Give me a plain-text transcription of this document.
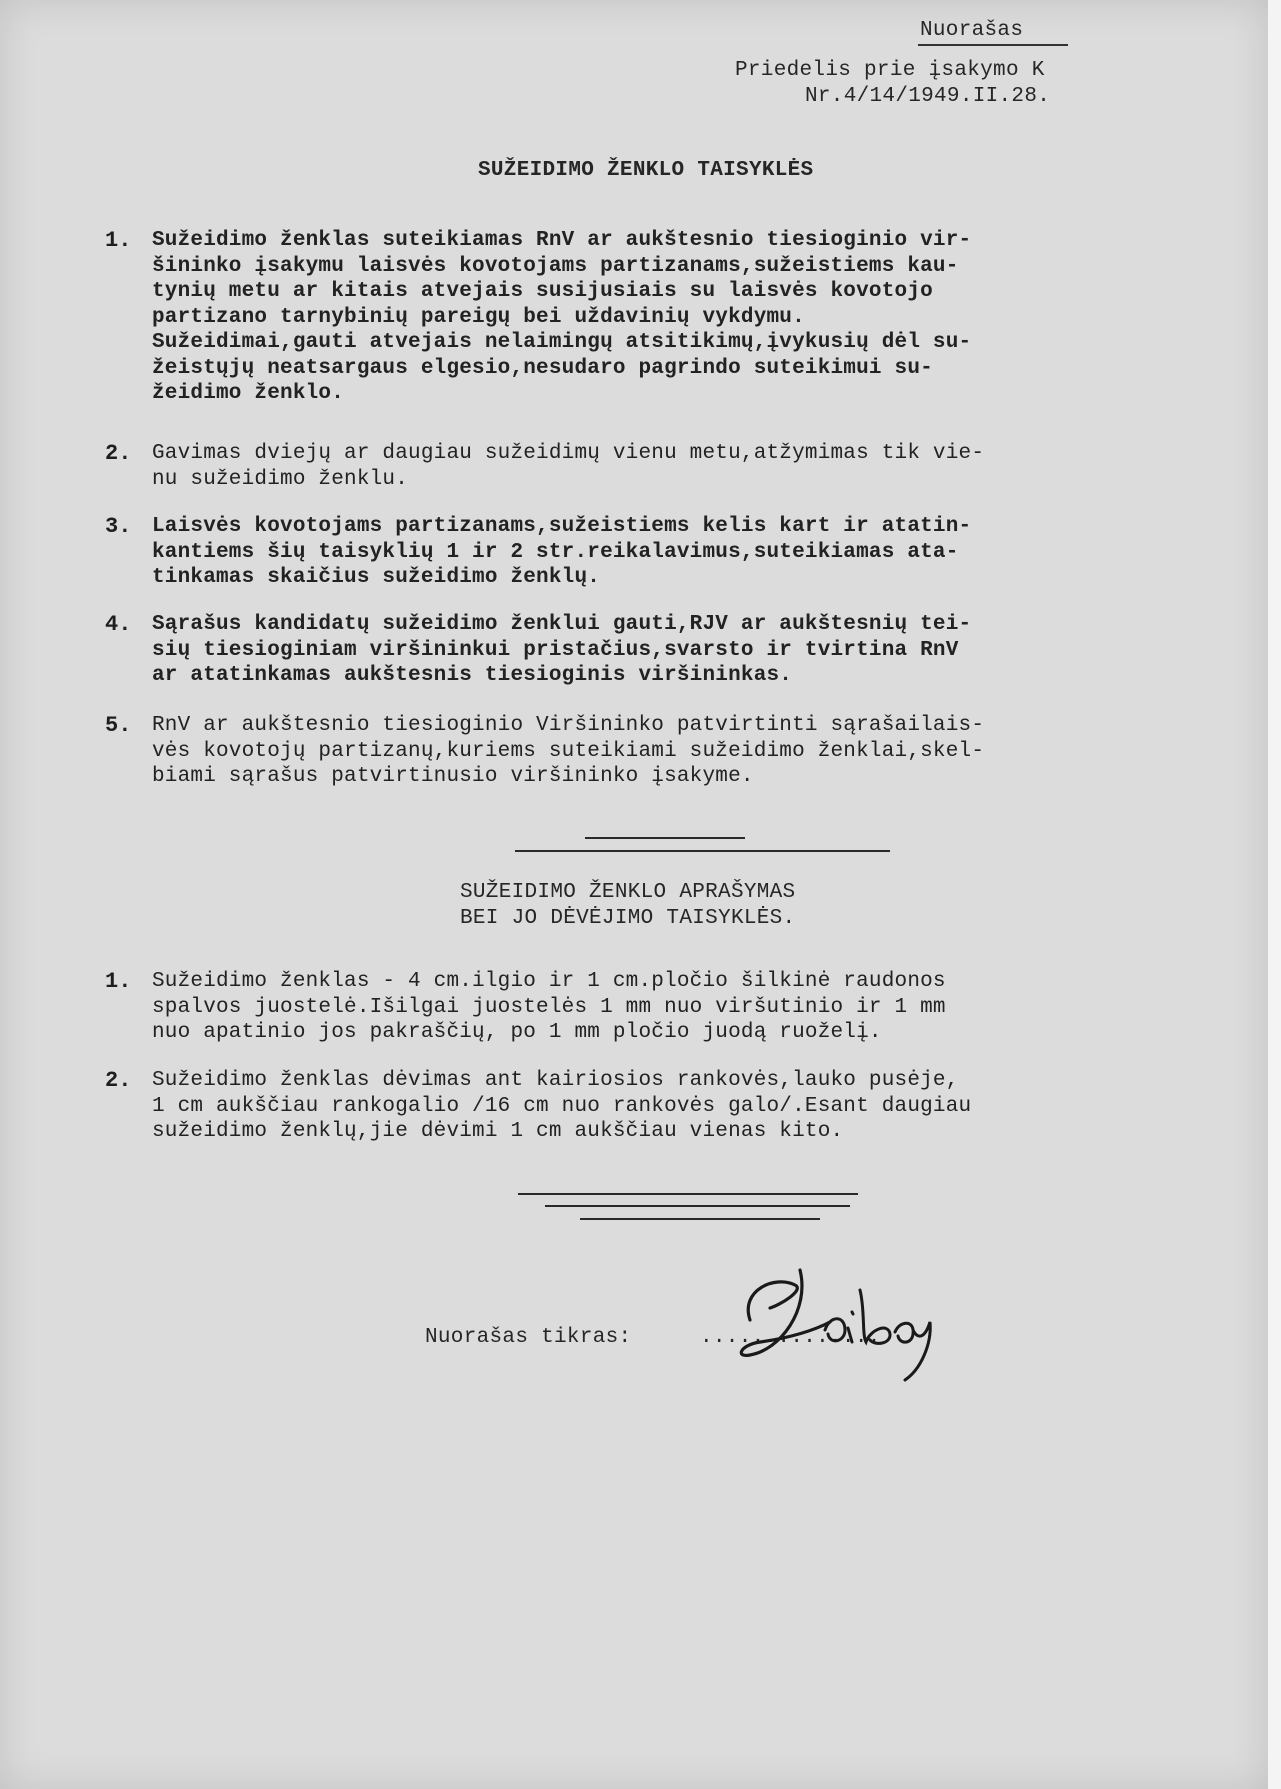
Nuorašas
Priedelis prie įsakymo K
Nr.4/14/1949.II.28.
SUŽEIDIMO ŽENKLO TAISYKLĖS
1. Sužeidimo ženklas suteikiamas RnV ar aukštesnio tiesioginio vir-
šininko įsakymu laisvės kovotojams partizanams,sužeistiems kau-
tynių metu ar kitais atvejais susijusiais su laisvės kovotojo
partizano tarnybinių pareigų bei uždavinių vykdymu.
Sužeidimai,gauti atvejais nelaimingų atsitikimų,įvykusių dėl su-
žeistųjų neatsargaus elgesio,nesudaro pagrindo suteikimui su-
žeidimo ženklo.
2. Gavimas dviejų ar daugiau sužeidimų vienu metu,atžymimas tik vie-
nu sužeidimo ženklu.
3. Laisvės kovotojams partizanams,sužeistiems kelis kart ir atatin-
kantiems šių taisyklių 1 ir 2 str.reikalavimus,suteikiamas ata-
tinkamas skaičius sužeidimo ženklų.
4. Sąrašus kandidatų sužeidimo ženklui gauti,RJV ar aukštesnių tei-
sių tiesioginiam viršininkui pristačius,svarsto ir tvirtina RnV
ar atatinkamas aukštesnis tiesioginis viršininkas.
5. RnV ar aukštesnio tiesioginio Viršininko patvirtinti sąrašailais-
vės kovotojų partizanų,kuriems suteikiami sužeidimo ženklai,skel-
biami sąrašus patvirtinusio viršininko įsakyme.
SUŽEIDIMO ŽENKLO APRAŠYMAS
BEI JO DĖVĖJIMO TAISYKLĖS.
1. Sužeidimo ženklas - 4 cm.ilgio ir 1 cm.pločio šilkinė raudonos
spalvos juostelė.Išilgai juostelės 1 mm nuo viršutinio ir 1 mm
nuo apatinio jos pakraščių, po 1 mm pločio juodą ruoželį.
2. Sužeidimo ženklas dėvimas ant kairiosios rankovės,lauko pusėje,
1 cm aukščiau rankogalio /16 cm nuo rankovės galo/.Esant daugiau
sužeidimo ženklų,jie dėvimi 1 cm aukščiau vienas kito.
Nuorašas tikras:	..............
